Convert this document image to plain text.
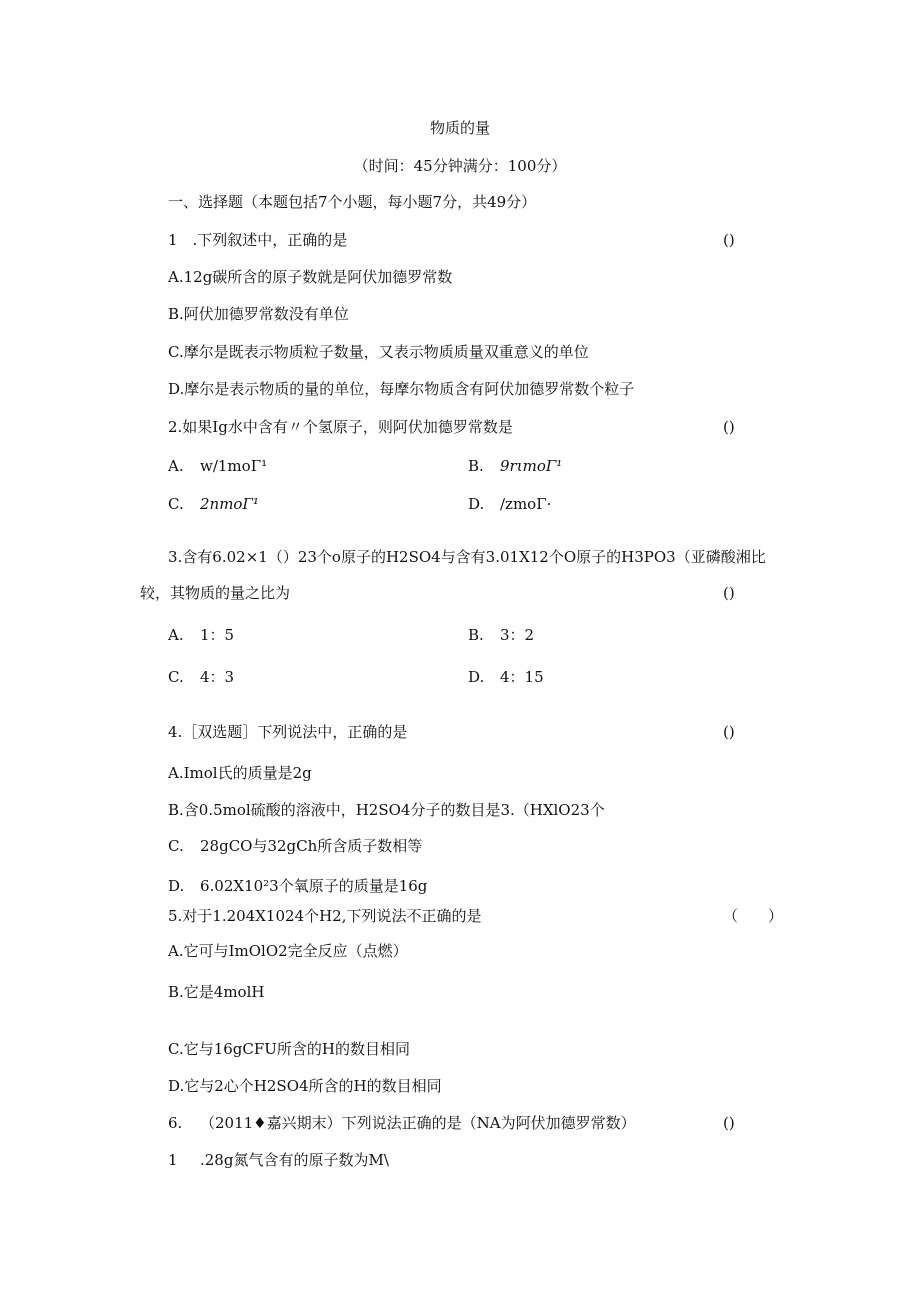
物质的量
（时间：45分钟满分：100分）
一、选择题（本题包括7个小题，每小题7分，共49分）
1　.下列叙述中，正确的是	()
A.12g碳所含的原子数就是阿伏加德罗常数
B.阿伏加德罗常数没有单位
C.摩尔是既表示物质粒子数量，又表示物质质量双重意义的单位
D.摩尔是表示物质的量的单位，每摩尔物质含有阿伏加德罗常数个粒子
2.如果Ig水中含有〃个氢原子，则阿伏加德罗常数是	()
A. w/1moΓ¹	B. 9rιmoΓ¹
C. 2nmoΓ¹	D. ∕zmoΓ·
3.含有6.02×1（）23个o原子的H2SO4与含有3.01X12个O原子的H3PO3（亚磷酸湘比
较，其物质的量之比为	()
A. 1：5	B. 3：2
C. 4：3	D. 4：15
4.［双选题］下列说法中，正确的是	()
A.Imol氏的质量是2g
B.含0.5mol硫酸的溶液中，H2SO4分子的数目是3.（HXlO23个
C. 28gCO与32gCh所含质子数相等
D. 6.02X10²3个氧原子的质量是16g
5.对于1.204X1024个H2,下列说法不正确的是	（　　）
A.它可与ImOlO2完全反应（点燃）
B.它是4molH
C.它与16gCFU所含的H的数目相同
D.它与2心个H2SO4所含的H的数目相同
6. （2011♦嘉兴期末）下列说法正确的是（NA为阿伏加德罗常数）	()
1 .28g氮气含有的原子数为M\
